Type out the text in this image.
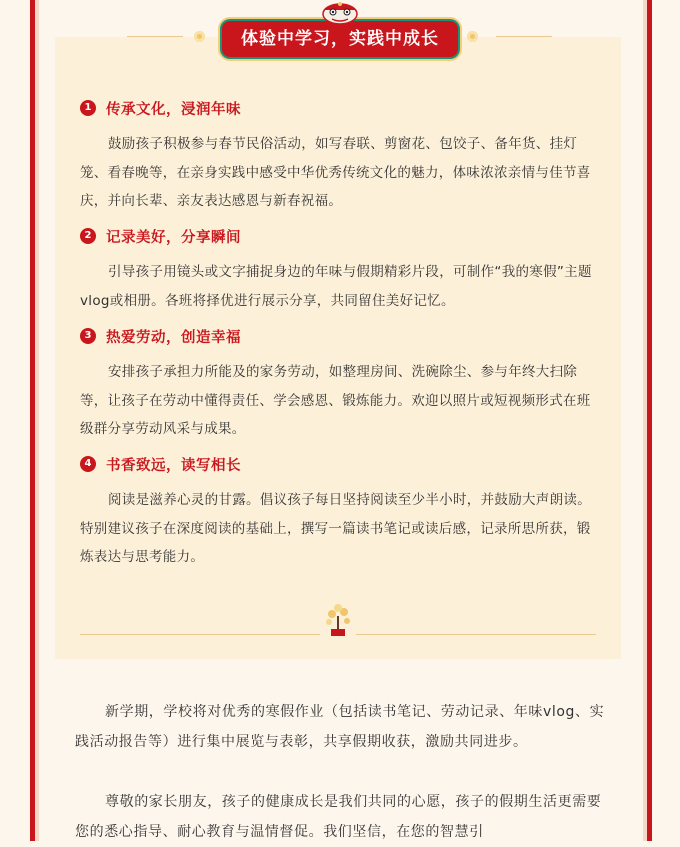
体验中学习，实践中成长
1	传承文化，浸润年味

鼓励孩子积极参与春节民俗活动，如写春联、剪窗花、包饺子、备年货、挂灯笼、看春晚等，在亲身实践中感受中华优秀传统文化的魅力，体味浓浓亲情与佳节喜庆，并向长辈、亲友表达感恩与新春祝福。

2	记录美好，分享瞬间

引导孩子用镜头或文字捕捉身边的年味与假期精彩片段，可制作“我的寒假”主题vlog或相册。各班将择优进行展示分享，共同留住美好记忆。

3	热爱劳动，创造幸福

安排孩子承担力所能及的家务劳动，如整理房间、洗碗除尘、参与年终大扫除等，让孩子在劳动中懂得责任、学会感恩、锻炼能力。欢迎以照片或短视频形式在班级群分享劳动风采与成果。

4	书香致远，读写相长

阅读是滋养心灵的甘露。倡议孩子每日坚持阅读至少半小时，并鼓励大声朗读。特别建议孩子在深度阅读的基础上，撰写一篇读书笔记或读后感，记录所思所获，锻炼表达与思考能力。

新学期，学校将对优秀的寒假作业（包括读书笔记、劳动记录、年味vlog、实践活动报告等）进行集中展览与表彰，共享假期收获，激励共同进步。

尊敬的家长朋友，孩子的健康成长是我们共同的心愿，孩子的假期生活更需要您的悉心指导、耐心教育与温情督促。我们坚信，在您的智慧引
